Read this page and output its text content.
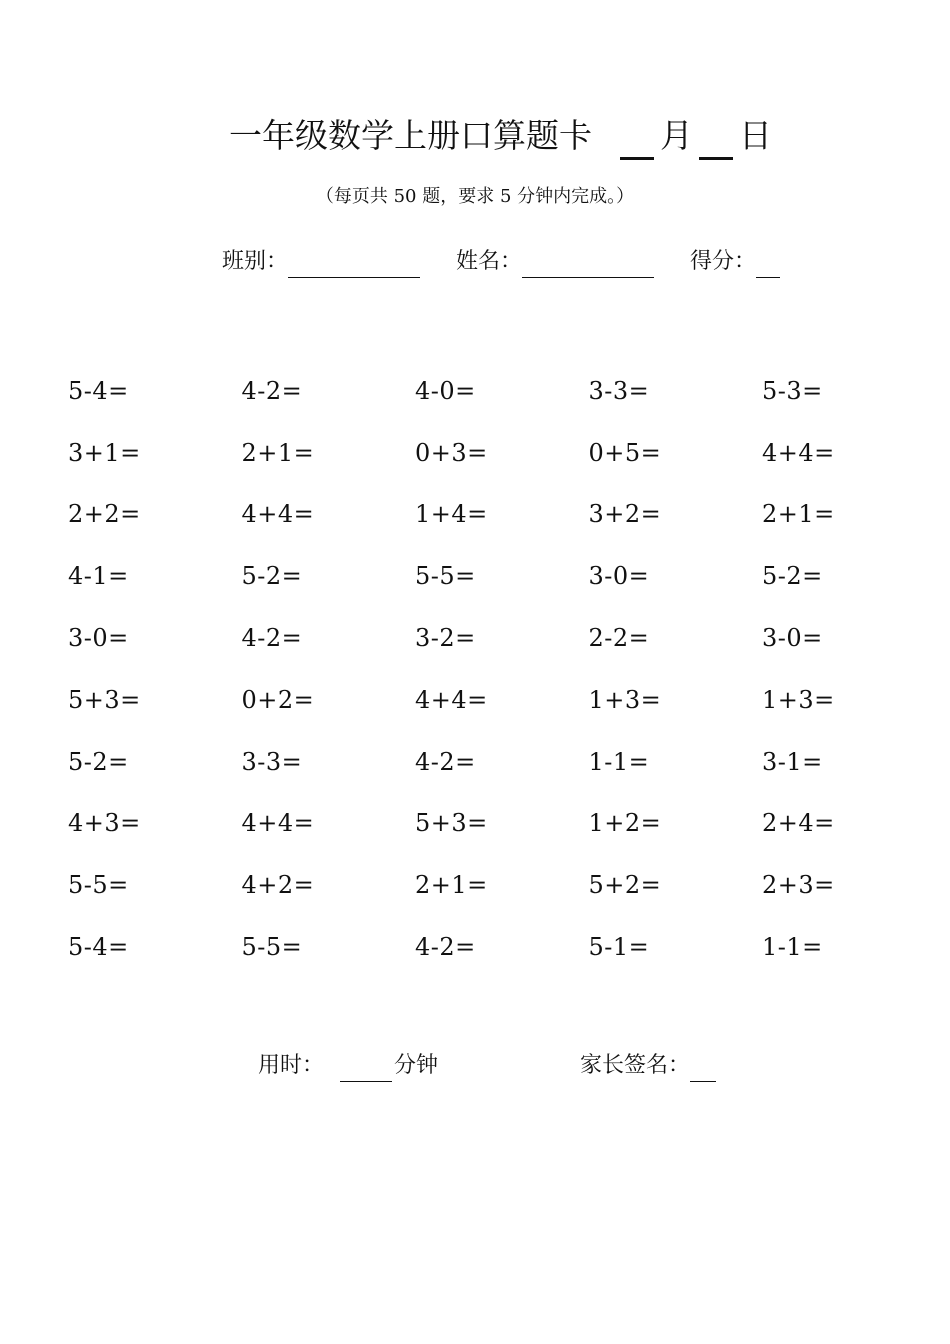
一年级数学上册口算题卡 月 日
（每页共 50 题，要求 5 分钟内完成。）
班别：	姓名：	得分：
5-4=	4-2=	4-0=	3-3=	5-3=
3+1=	2+1=	0+3=	0+5=	4+4=
2+2=	4+4=	1+4=	3+2=	2+1=
4-1=	5-2=	5-5=	3-0=	5-2=
3-0=	4-2=	3-2=	2-2=	3-0=
5+3=	0+2=	4+4=	1+3=	1+3=
5-2=	3-3=	4-2=	1-1=	3-1=
4+3=	4+4=	5+3=	1+2=	2+4=
5-5=	4+2=	2+1=	5+2=	2+3=
5-4=	5-5=	4-2=	5-1=	1-1=
用时：	分钟	家长签名：
